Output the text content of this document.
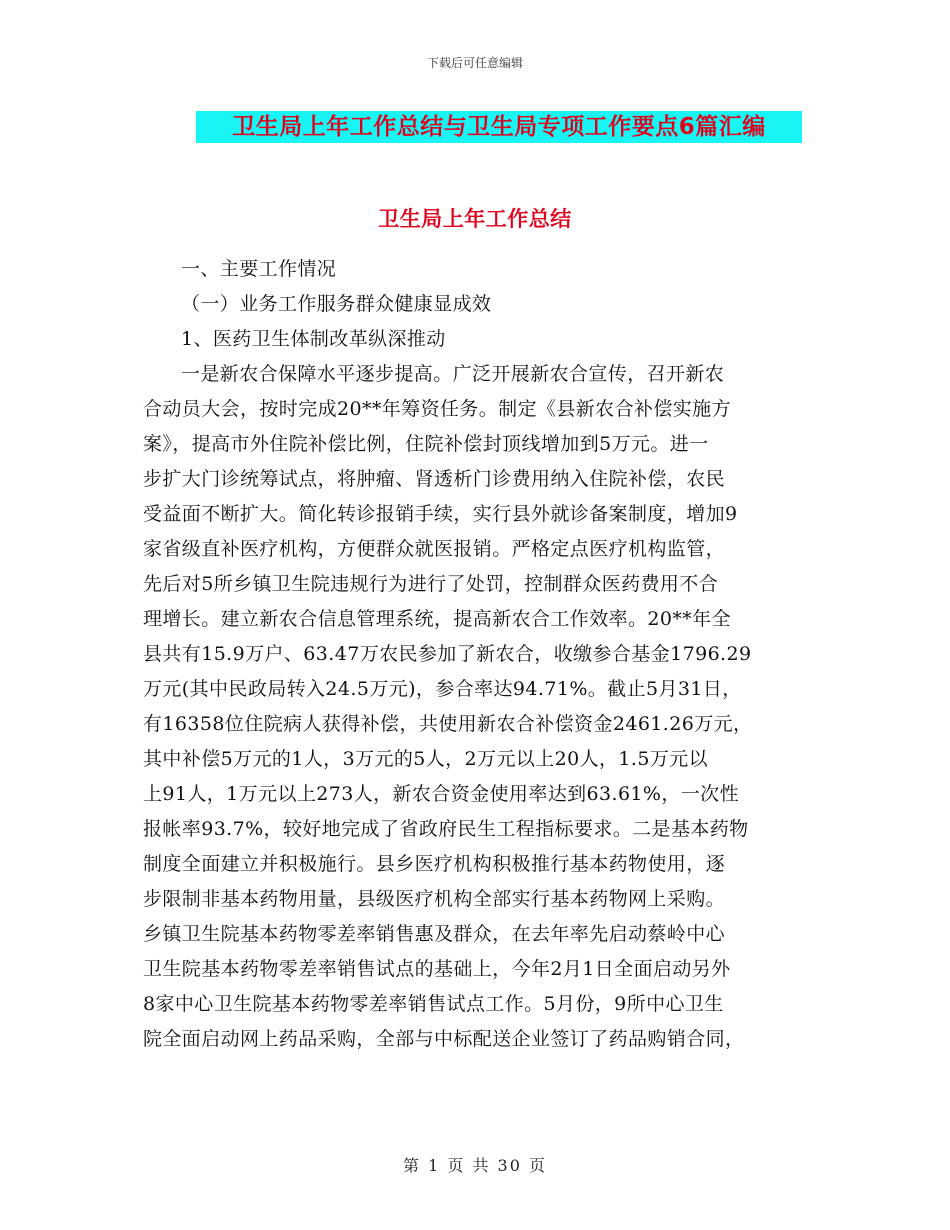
下载后可任意编辑
卫生局上年工作总结与卫生局专项工作要点6篇汇编
卫生局上年工作总结
一、主要工作情况
（一）业务工作服务群众健康显成效
1、医药卫生体制改革纵深推动
一是新农合保障水平逐步提高。广泛开展新农合宣传，召开新农
合动员大会，按时完成20**年筹资任务。制定《县新农合补偿实施方
案》，提高市外住院补偿比例，住院补偿封顶线增加到5万元。进一
步扩大门诊统筹试点，将肿瘤、肾透析门诊费用纳入住院补偿，农民
受益面不断扩大。简化转诊报销手续，实行县外就诊备案制度，增加9
家省级直补医疗机构，方便群众就医报销。严格定点医疗机构监管，
先后对5所乡镇卫生院违规行为进行了处罚，控制群众医药费用不合
理增长。建立新农合信息管理系统，提高新农合工作效率。20**年全
县共有15.9万户、63.47万农民参加了新农合，收缴参合基金1796.29
万元(其中民政局转入24.5万元)，参合率达94.71%。截止5月31日，
有16358位住院病人获得补偿，共使用新农合补偿资金2461.26万元，
其中补偿5万元的1人，3万元的5人，2万元以上20人，1.5万元以
上91人，1万元以上273人，新农合资金使用率达到63.61%，一次性
报帐率93.7%，较好地完成了省政府民生工程指标要求。二是基本药物
制度全面建立并积极施行。县乡医疗机构积极推行基本药物使用，逐
步限制非基本药物用量，县级医疗机构全部实行基本药物网上采购。
乡镇卫生院基本药物零差率销售惠及群众，在去年率先启动蔡岭中心
卫生院基本药物零差率销售试点的基础上，今年2月1日全面启动另外
8家中心卫生院基本药物零差率销售试点工作。5月份，9所中心卫生
院全面启动网上药品采购，全部与中标配送企业签订了药品购销合同，
第 1 页 共 30 页
